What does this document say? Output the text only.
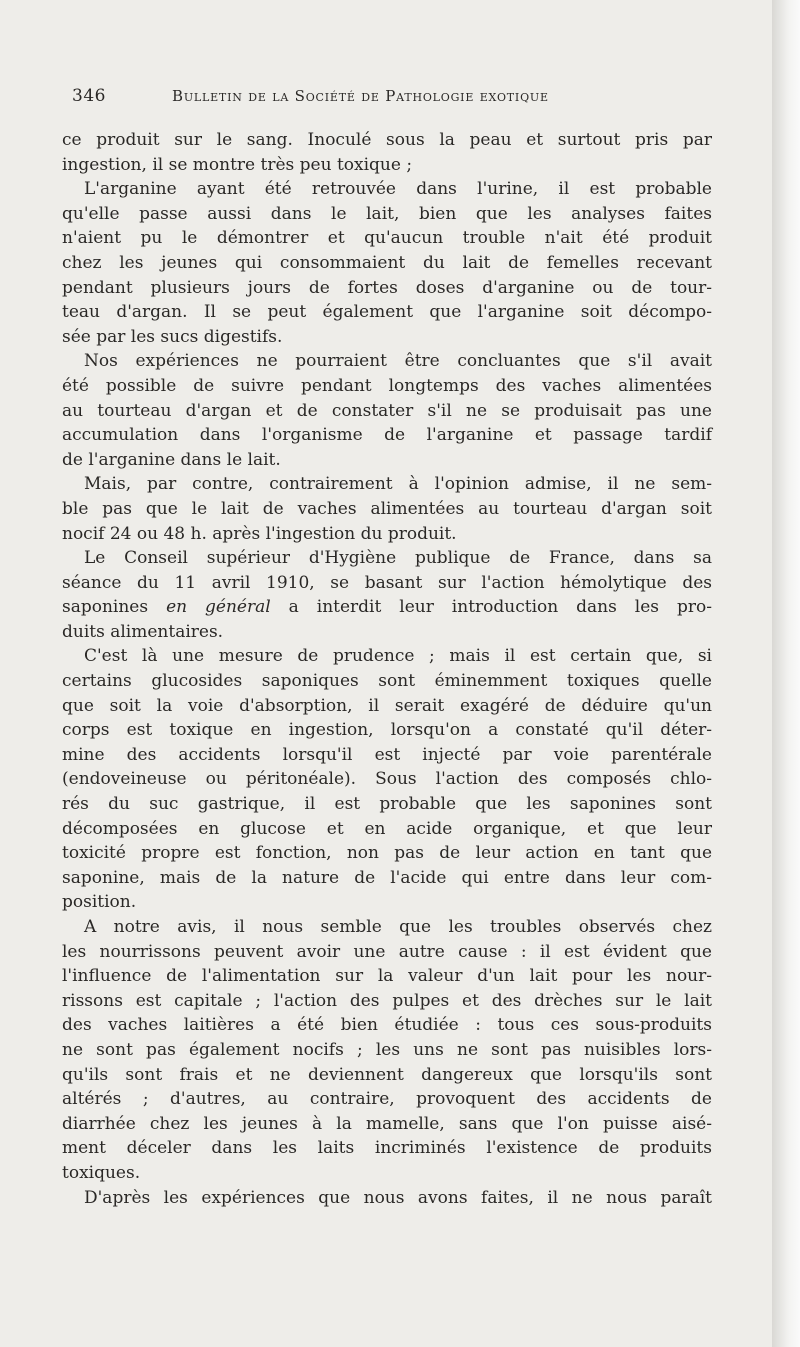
346	Bulletin de la Société de Pathologie exotique
ce produit sur le sang. Inoculé sous la peau et surtout pris par
ingestion, il se montre très peu toxique ;
L'arganine ayant été retrouvée dans l'urine, il est probable
qu'elle passe aussi dans le lait, bien que les analyses faites
n'aient pu le démontrer et qu'aucun trouble n'ait été produit
chez les jeunes qui consommaient du lait de femelles recevant
pendant plusieurs jours de fortes doses d'arganine ou de tour-
teau d'argan. Il se peut également que l'arganine soit décompo-
sée par les sucs digestifs.
Nos expériences ne pourraient être concluantes que s'il avait
été possible de suivre pendant longtemps des vaches alimentées
au tourteau d'argan et de constater s'il ne se produisait pas une
accumulation dans l'organisme de l'arganine et passage tardif
de l'arganine dans le lait.
Mais, par contre, contrairement à l'opinion admise, il ne sem-
ble pas que le lait de vaches alimentées au tourteau d'argan soit
nocif 24 ou 48 h. après l'ingestion du produit.
Le Conseil supérieur d'Hygiène publique de France, dans sa
séance du 11 avril 1910, se basant sur l'action hémolytique des
saponines en général a interdit leur introduction dans les pro-
duits alimentaires.
C'est là une mesure de prudence ; mais il est certain que, si
certains glucosides saponiques sont éminemment toxiques quelle
que soit la voie d'absorption, il serait exagéré de déduire qu'un
corps est toxique en ingestion, lorsqu'on a constaté qu'il déter-
mine des accidents lorsqu'il est injecté par voie parentérale
(endoveineuse ou péritonéale). Sous l'action des composés chlo-
rés du suc gastrique, il est probable que les saponines sont
décomposées en glucose et en acide organique, et que leur
toxicité propre est fonction, non pas de leur action en tant que
saponine, mais de la nature de l'acide qui entre dans leur com-
position.
A notre avis, il nous semble que les troubles observés chez
les nourrissons peuvent avoir une autre cause : il est évident que
l'influence de l'alimentation sur la valeur d'un lait pour les nour-
rissons est capitale ; l'action des pulpes et des drèches sur le lait
des vaches laitières a été bien étudiée : tous ces sous-produits
ne sont pas également nocifs ; les uns ne sont pas nuisibles lors-
qu'ils sont frais et ne deviennent dangereux que lorsqu'ils sont
altérés ; d'autres, au contraire, provoquent des accidents de
diarrhée chez les jeunes à la mamelle, sans que l'on puisse aisé-
ment déceler dans les laits incriminés l'existence de produits
toxiques.
D'après les expériences que nous avons faites, il ne nous paraît
